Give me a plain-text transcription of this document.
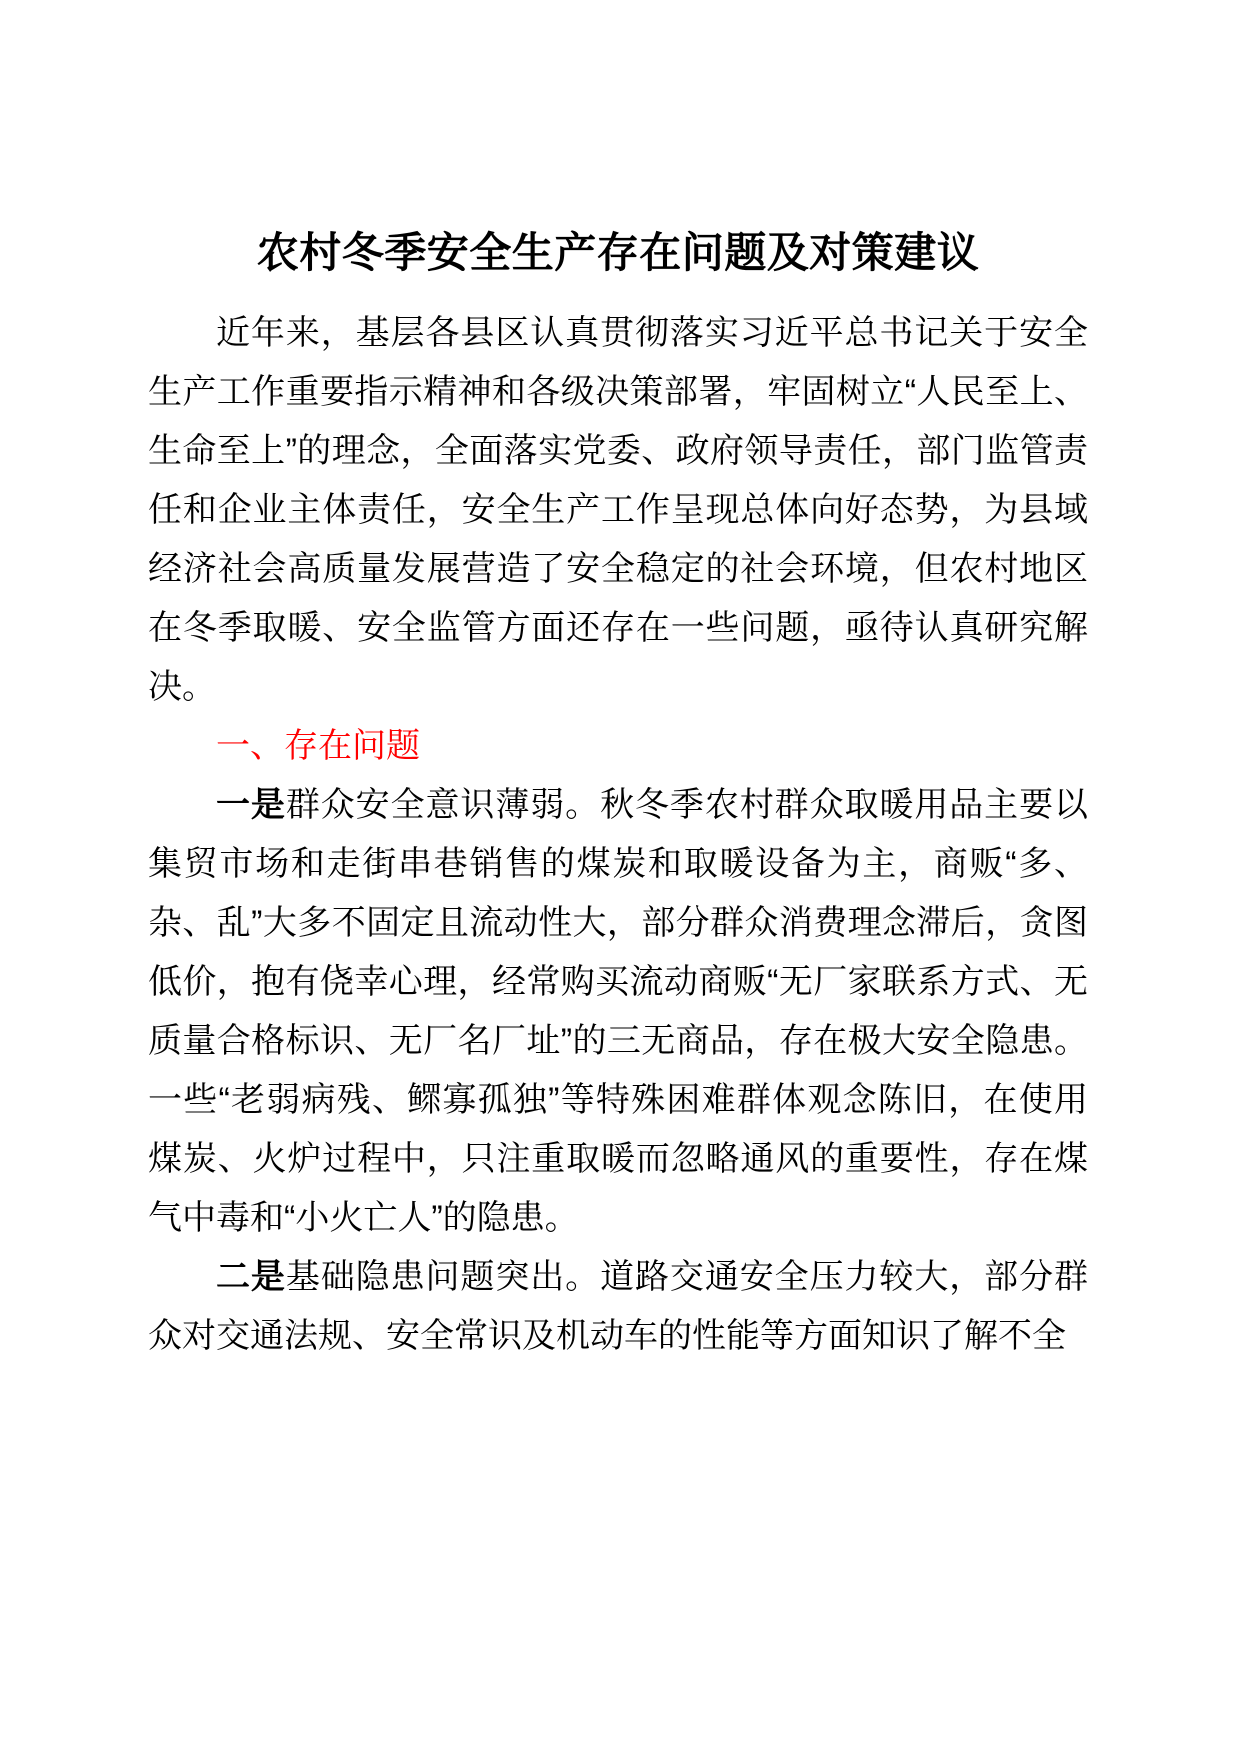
农村冬季安全生产存在问题及对策建议

近年来，基层各县区认真贯彻落实习近平总书记关于安全生产工作重要指示精神和各级决策部署，牢固树立“人民至上、生命至上”的理念，全面落实党委、政府领导责任，部门监管责任和企业主体责任，安全生产工作呈现总体向好态势，为县域经济社会高质量发展营造了安全稳定的社会环境，但农村地区在冬季取暖、安全监管方面还存在一些问题，亟待认真研究解决。

一、存在问题

一是群众安全意识薄弱。秋冬季农村群众取暖用品主要以集贸市场和走街串巷销售的煤炭和取暖设备为主，商贩“多、杂、乱”大多不固定且流动性大，部分群众消费理念滞后，贪图低价，抱有侥幸心理，经常购买流动商贩“无厂家联系方式、无质量合格标识、无厂名厂址”的三无商品，存在极大安全隐患。一些“老弱病残、鳏寡孤独”等特殊困难群体观念陈旧，在使用煤炭、火炉过程中，只注重取暖而忽略通风的重要性，存在煤气中毒和“小火亡人”的隐患。

二是基础隐患问题突出。道路交通安全压力较大，部分群众对交通法规、安全常识及机动车的性能等方面知识了解不全
